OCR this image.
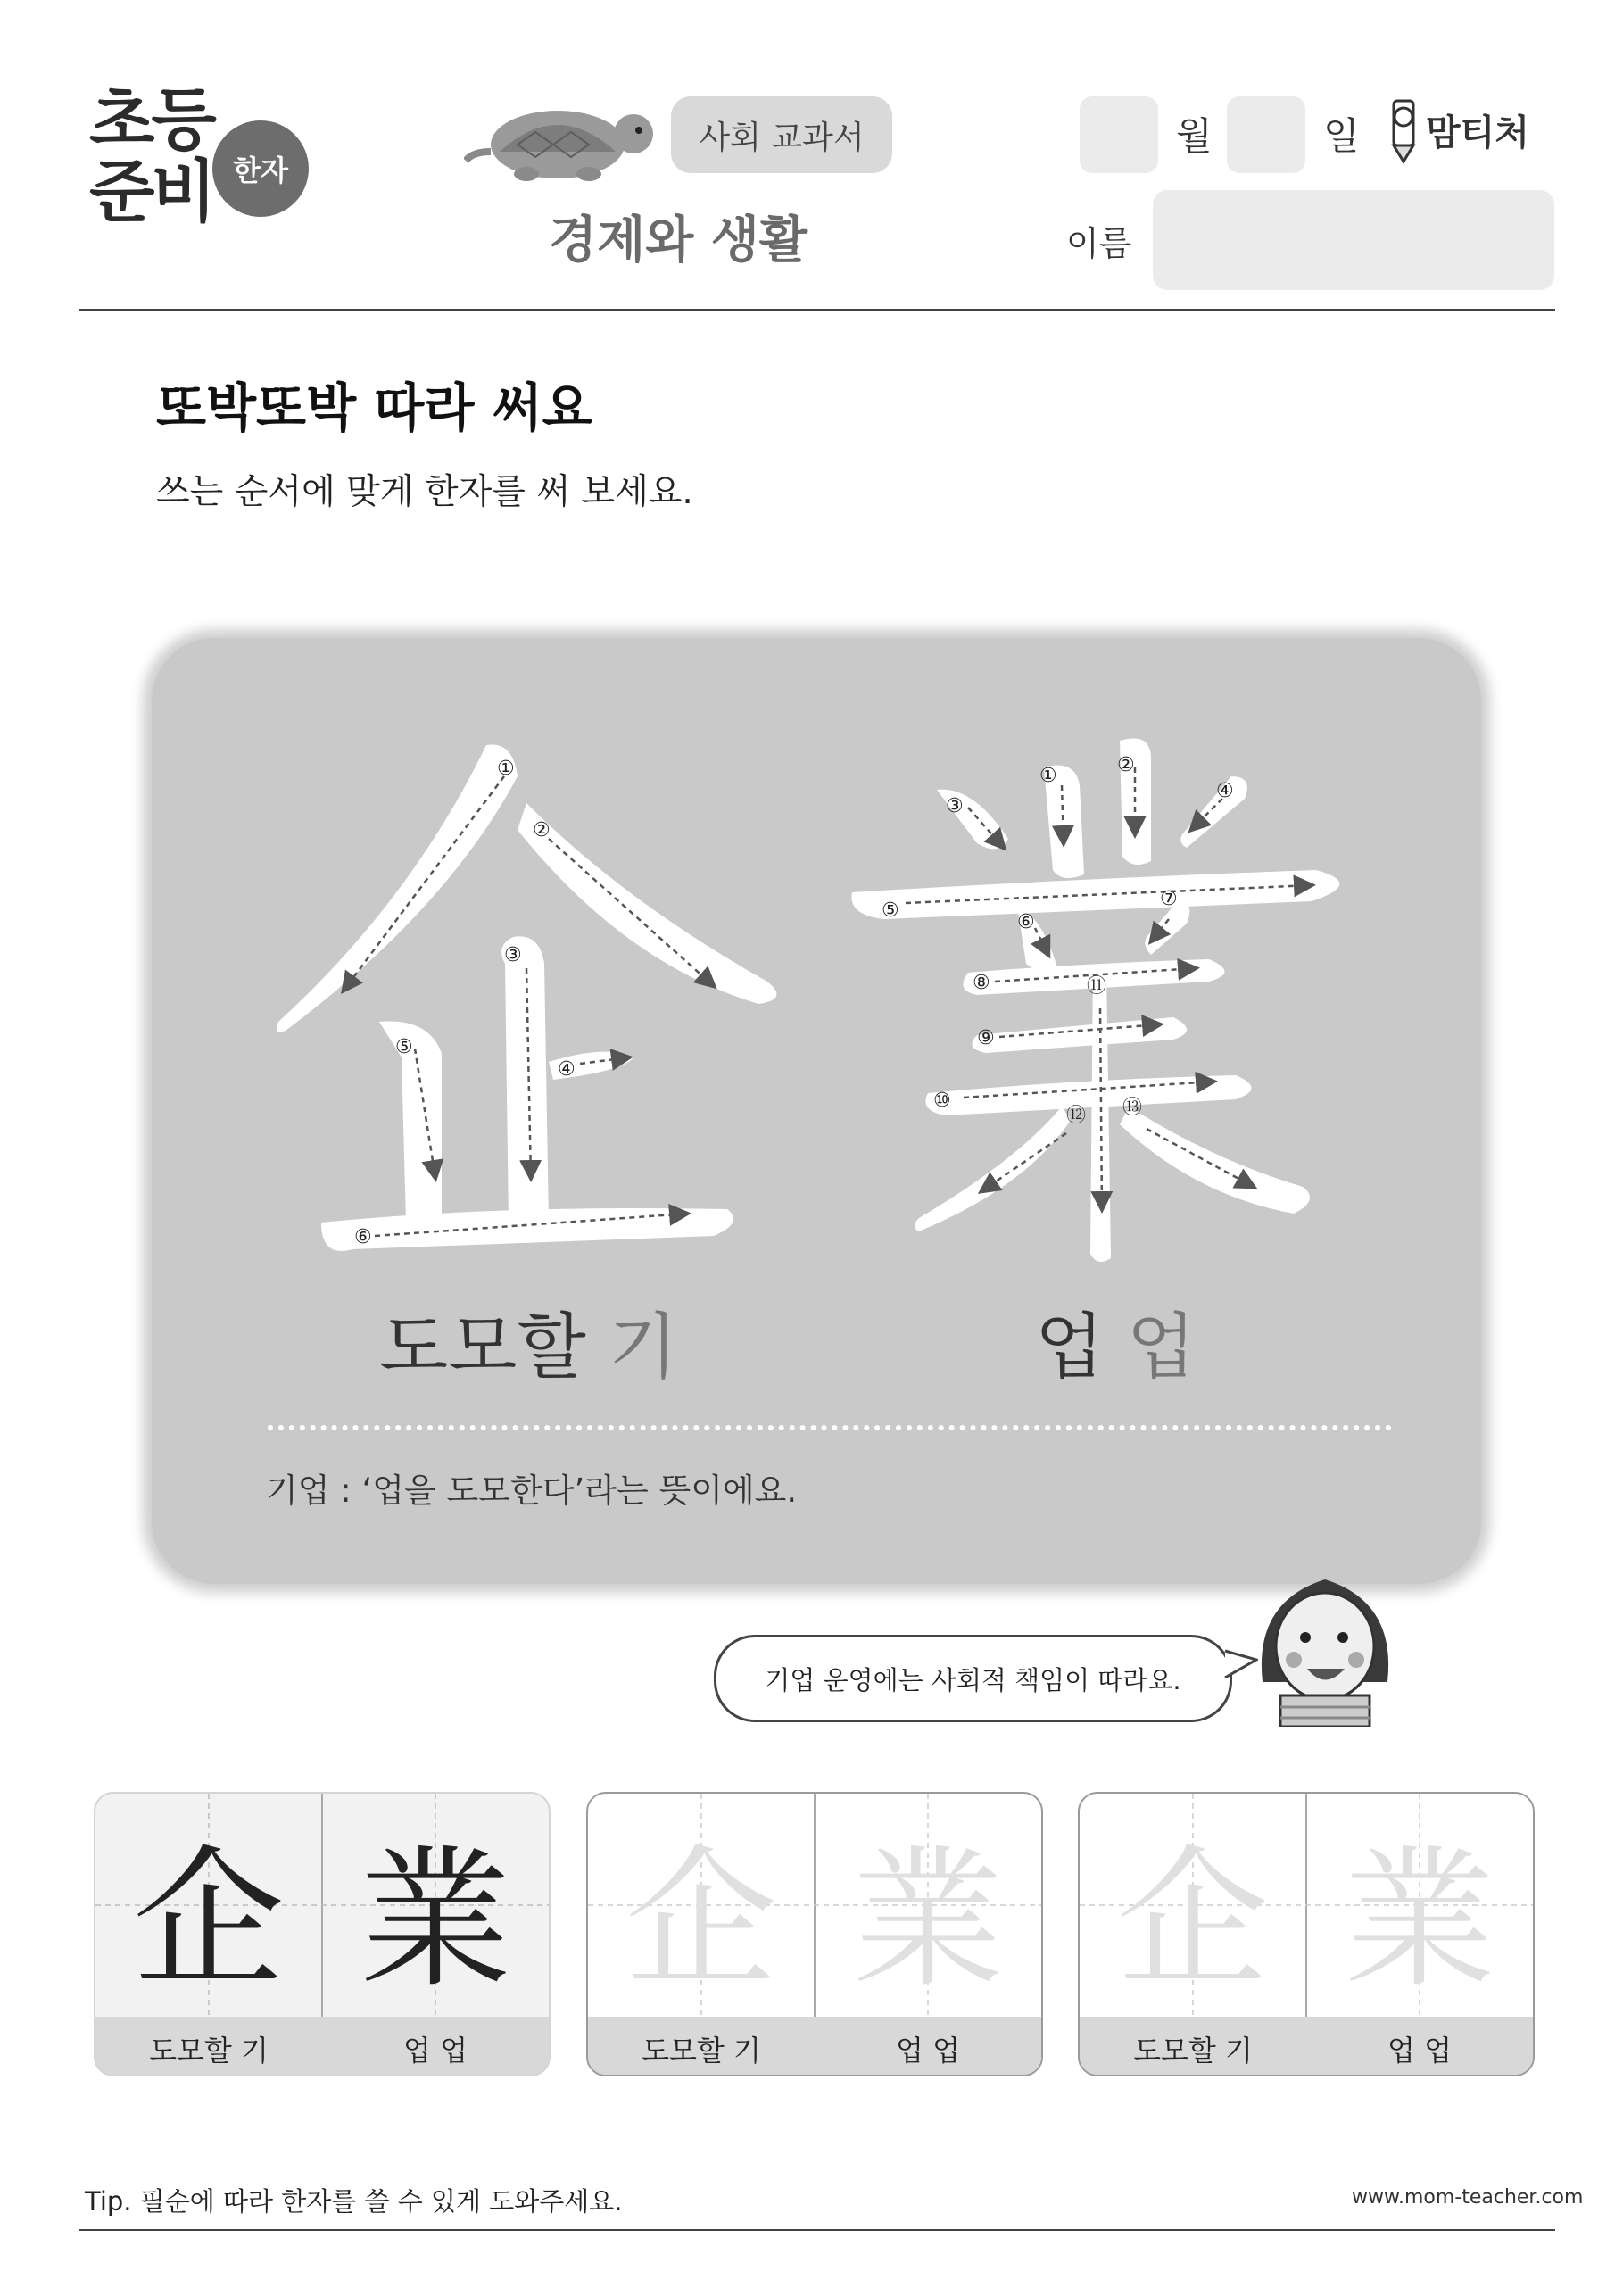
초등
준비 한자
사회 교과서
경제와 생활
월	일 맘티처
이름
또박또박 따라 써요
쓰는 순서에 맞게 한자를 써 보세요.
①
②
③
④
⑤
⑥
①	②
③
④
⑤
⑥
⑦
⑧
⑨
⑩
⑪
⑫ ⑬
도모할 기	업 업
기업 : ‘업을 도모한다’라는 뜻이에요.
기업 운영에는 사회적 책임이 따라요.
企 業
도모할 기	업 업
企 業
도모할 기	업 업
企 業
도모할 기	업 업
Tip. 필순에 따라 한자를 쓸 수 있게 도와주세요.	www.mom-teacher.com
